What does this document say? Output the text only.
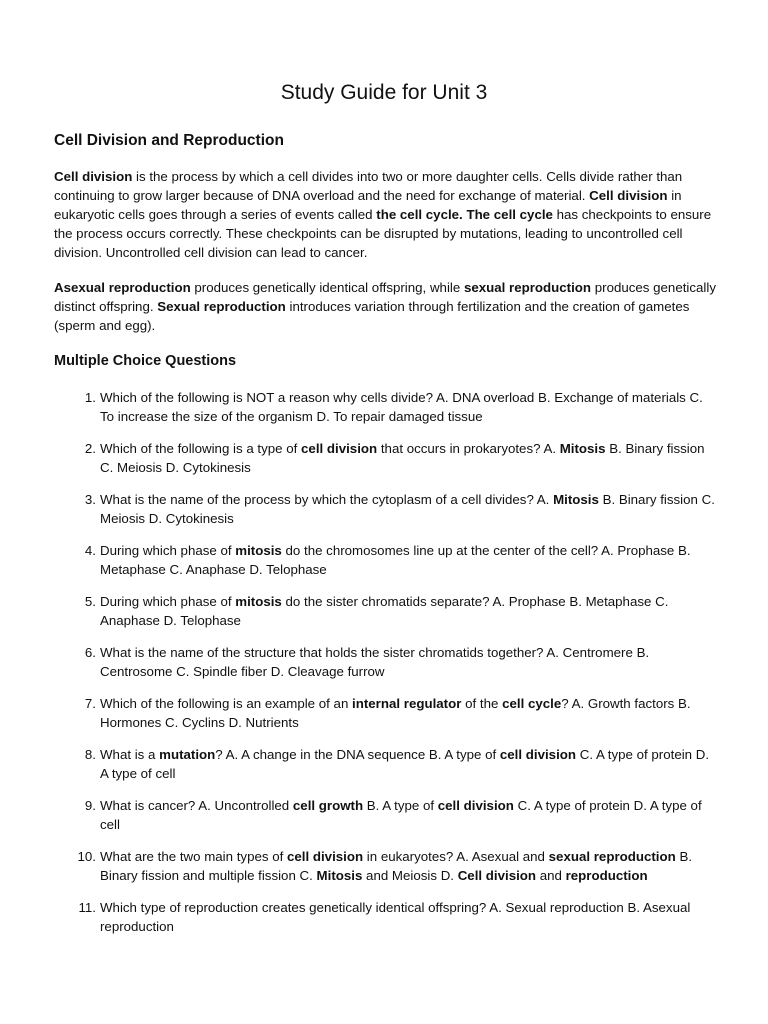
Study Guide for Unit 3
Cell Division and Reproduction

Cell division is the process by which a cell divides into two or more daughter cells. Cells divide rather than continuing to grow larger because of DNA overload and the need for exchange of material. Cell division in eukaryotic cells goes through a series of events called the cell cycle. The cell cycle has checkpoints to ensure the process occurs correctly. These checkpoints can be disrupted by mutations, leading to uncontrolled cell division. Uncontrolled cell division can lead to cancer.

Asexual reproduction produces genetically identical offspring, while sexual reproduction produces genetically distinct offspring. Sexual reproduction introduces variation through fertilization and the creation of gametes (sperm and egg).

Multiple Choice Questions
1. Which of the following is NOT a reason why cells divide? A. DNA overload B. Exchange of materials C. To increase the size of the organism D. To repair damaged tissue
2. Which of the following is a type of cell division that occurs in prokaryotes? A. Mitosis B. Binary fission C. Meiosis D. Cytokinesis
3. What is the name of the process by which the cytoplasm of a cell divides? A. Mitosis B. Binary fission C. Meiosis D. Cytokinesis
4. During which phase of mitosis do the chromosomes line up at the center of the cell? A. Prophase B. Metaphase C. Anaphase D. Telophase
5. During which phase of mitosis do the sister chromatids separate? A. Prophase B. Metaphase C. Anaphase D. Telophase
6. What is the name of the structure that holds the sister chromatids together? A. Centromere B. Centrosome C. Spindle fiber D. Cleavage furrow
7. Which of the following is an example of an internal regulator of the cell cycle? A. Growth factors B. Hormones C. Cyclins D. Nutrients
8. What is a mutation? A. A change in the DNA sequence B. A type of cell division C. A type of protein D. A type of cell
9. What is cancer? A. Uncontrolled cell growth B. A type of cell division C. A type of protein D. A type of cell
10. What are the two main types of cell division in eukaryotes? A. Asexual and sexual reproduction B. Binary fission and multiple fission C. Mitosis and Meiosis D. Cell division and reproduction
11. Which type of reproduction creates genetically identical offspring? A. Sexual reproduction B. Asexual reproduction
